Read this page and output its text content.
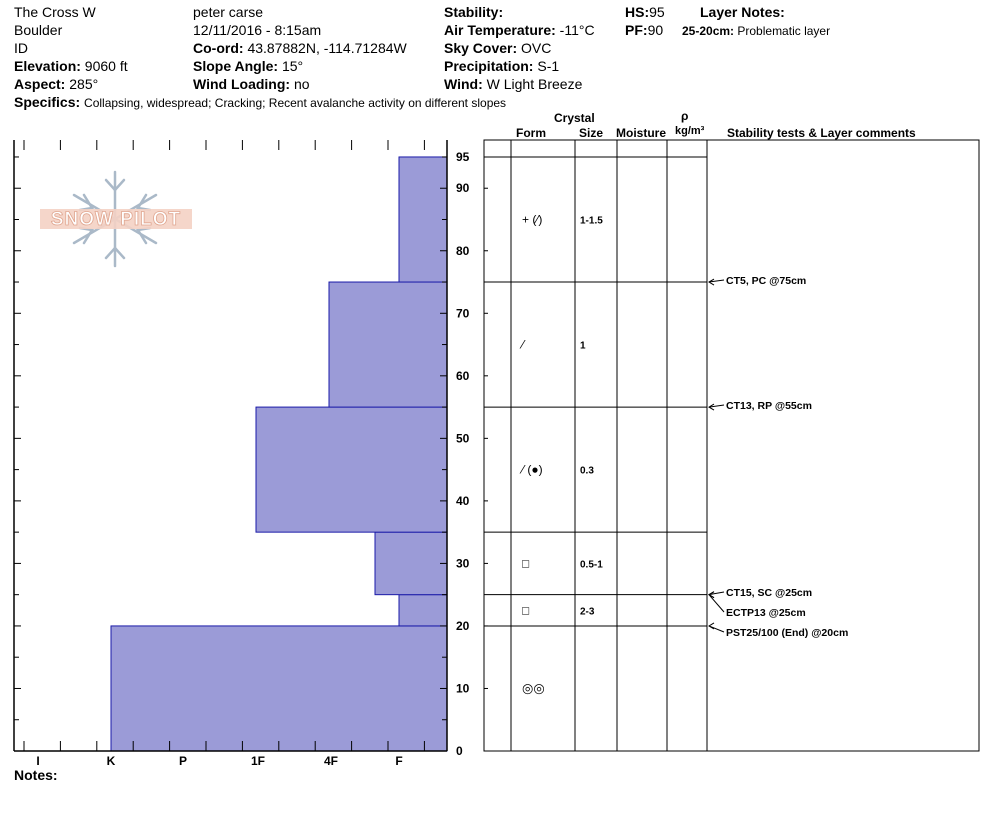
The Cross W
Boulder
ID
Elevation: 9060 ft
Aspect: 285°
peter carse
12/11/2016 - 8:15am
Co-ord: 43.87882N, -114.71284W
Slope Angle: 15°
Wind Loading: no
Stability:
Air Temperature: -11°C
Sky Cover: OVC
Precipitation: S-1
Wind: W Light Breeze
HS:95
PF:90
Layer Notes:
25-20cm: Problematic layer
Specifics: Collapsing, widespread; Cracking; Recent avalanche activity on different slopes
Crystal
Form	Size Moisture
ρ
kg/m³ Stability tests & Layer comments
SNOW PILOT
0
10
20
30
40
50
60
70
80
90
95
I	K	P	1F	4F	F
◎◎
□	2-3
□	0.5-1
⁄ (●)	0.3
⁄	1
+ (⁄)	1-1.5
CT5, PC @75cm
CT13, RP @55cm
CT15, SC @25cm
ECTP13 @25cm
PST25/100 (End) @20cm
Notes:
